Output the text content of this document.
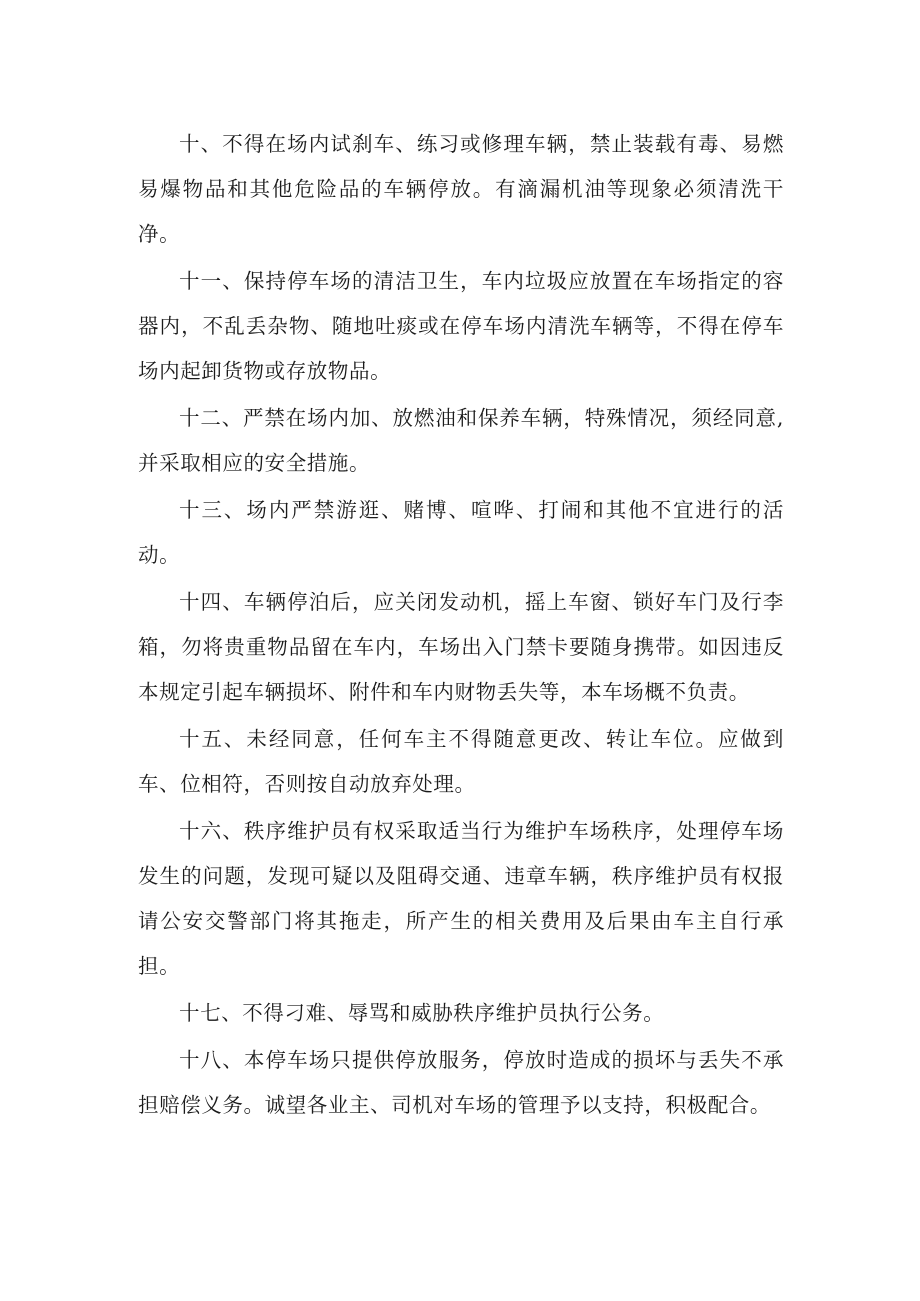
十、不得在场内试刹车、练习或修理车辆，禁止装载有毒、易燃易爆物品和其他危险品的车辆停放。有滴漏机油等现象必须清洗干净。

十一、保持停车场的清洁卫生，车内垃圾应放置在车场指定的容器内，不乱丢杂物、随地吐痰或在停车场内清洗车辆等，不得在停车场内起卸货物或存放物品。

十二、严禁在场内加、放燃油和保养车辆，特殊情况，须经同意,并采取相应的安全措施。

十三、场内严禁游逛、赌博、喧哗、打闹和其他不宜进行的活动。

十四、车辆停泊后，应关闭发动机，摇上车窗、锁好车门及行李箱，勿将贵重物品留在车内，车场出入门禁卡要随身携带。如因违反本规定引起车辆损坏、附件和车内财物丢失等，本车场概不负责。

十五、未经同意，任何车主不得随意更改、转让车位。应做到车、位相符，否则按自动放弃处理。

十六、秩序维护员有权采取适当行为维护车场秩序，处理停车场发生的问题，发现可疑以及阻碍交通、违章车辆，秩序维护员有权报请公安交警部门将其拖走，所产生的相关费用及后果由车主自行承担。

十七、不得刁难、辱骂和威胁秩序维护员执行公务。

十八、本停车场只提供停放服务，停放时造成的损坏与丢失不承担赔偿义务。诚望各业主、司机对车场的管理予以支持，积极配合。
